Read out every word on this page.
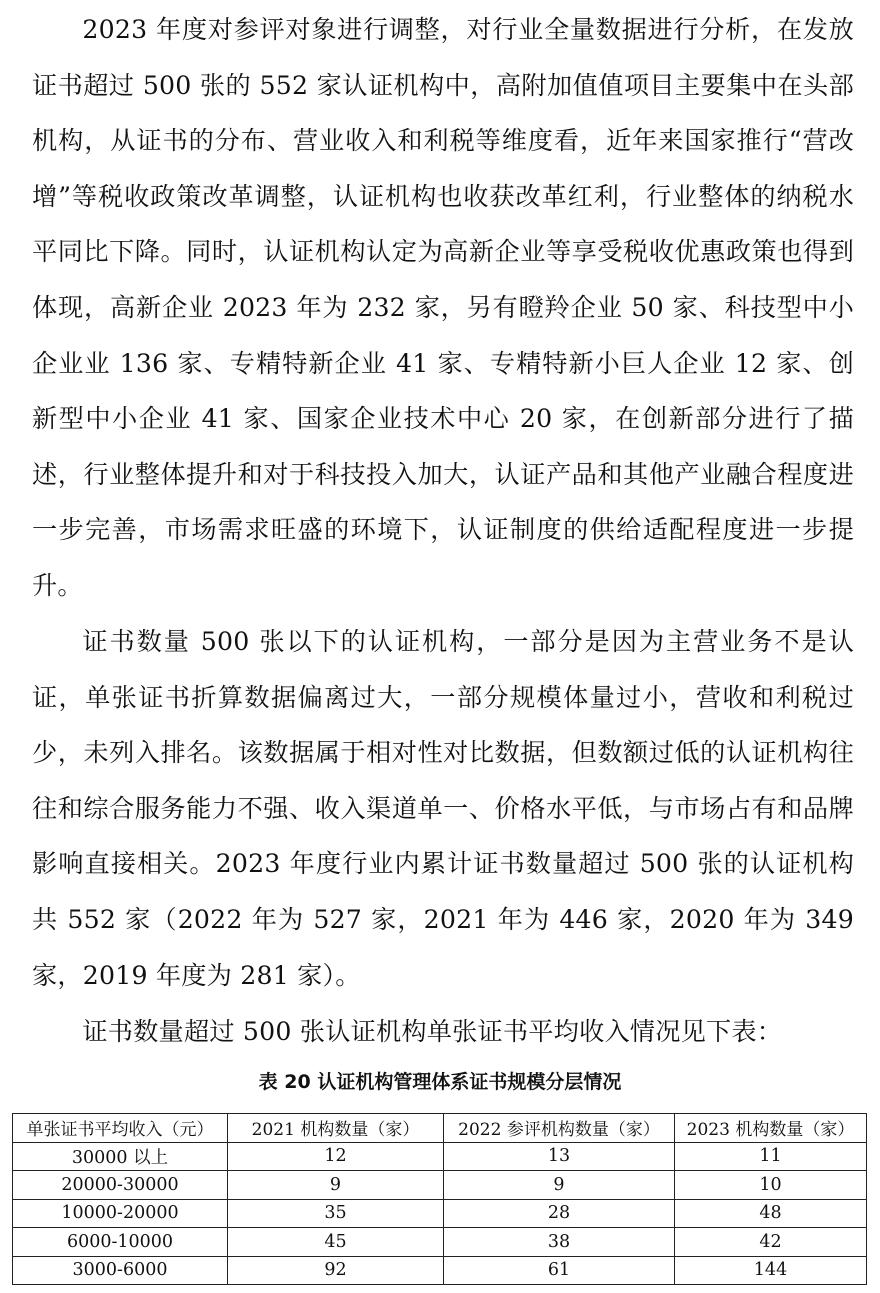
2023 年度对参评对象进行调整，对行业全量数据进行分析，在发放证书超过 500 张的 552 家认证机构中，高附加值值项目主要集中在头部机构，从证书的分布、营业收入和利税等维度看，近年来国家推行“营改增”等税收政策改革调整，认证机构也收获改革红利，行业整体的纳税水平同比下降。同时，认证机构认定为高新企业等享受税收优惠政策也得到体现，高新企业 2023 年为 232 家，另有瞪羚企业 50 家、科技型中小企业业 136 家、专精特新企业 41 家、专精特新小巨人企业 12 家、创新型中小企业 41 家、国家企业技术中心 20 家，在创新部分进行了描述，行业整体提升和对于科技投入加大，认证产品和其他产业融合程度进一步完善，市场需求旺盛的环境下，认证制度的供给适配程度进一步提升。

证书数量 500 张以下的认证机构，一部分是因为主营业务不是认证，单张证书折算数据偏离过大，一部分规模体量过小，营收和利税过少，未列入排名。该数据属于相对性对比数据，但数额过低的认证机构往往和综合服务能力不强、收入渠道单一、价格水平低，与市场占有和品牌影响直接相关。2023 年度行业内累计证书数量超过 500 张的认证机构共 552 家（2022 年为 527 家，2021 年为 446 家，2020 年为 349 家，2019 年度为 281 家）。

证书数量超过 500 张认证机构单张证书平均收入情况见下表：

表 20 认证机构管理体系证书规模分层情况
单张证书平均收入（元）	2021 机构数量（家）	2022 参评机构数量（家）	2023 机构数量（家）
30000 以上	12	13	11
20000-30000	9	9	10
10000-20000	35	28	48
6000-10000	45	38	42
3000-6000	92	61	144
